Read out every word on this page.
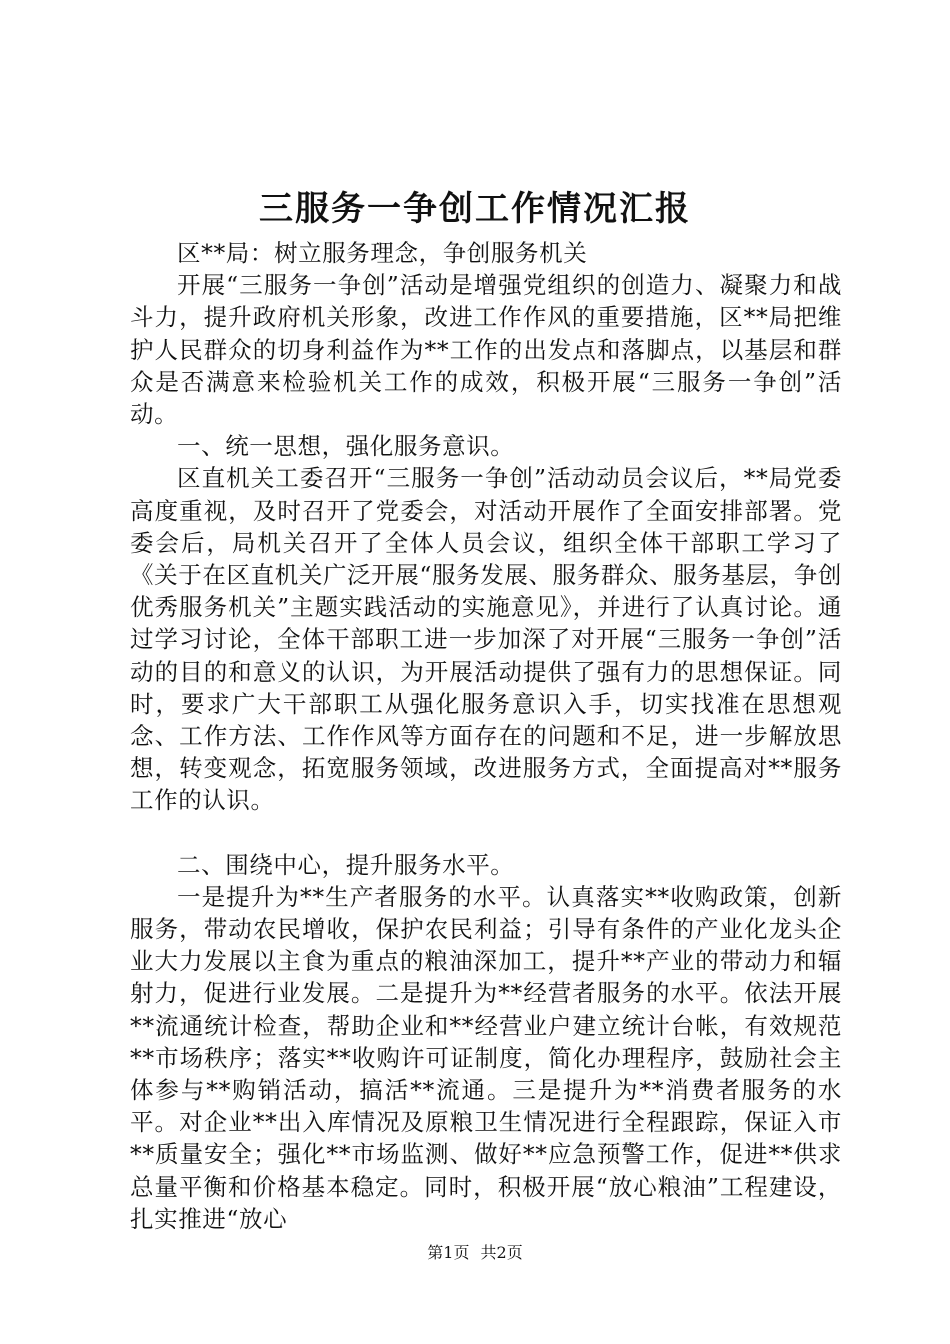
三服务一争创工作情况汇报

区**局：树立服务理念，争创服务机关

开展“三服务一争创”活动是增强党组织的创造力、凝聚力和战斗力，提升政府机关形象，改进工作作风的重要措施，区**局把维护人民群众的切身利益作为**工作的出发点和落脚点，以基层和群众是否满意来检验机关工作的成效，积极开展“三服务一争创”活动。

一、统一思想，强化服务意识。

区直机关工委召开“三服务一争创”活动动员会议后，**局党委高度重视，及时召开了党委会，对活动开展作了全面安排部署。党委会后，局机关召开了全体人员会议，组织全体干部职工学习了《关于在区直机关广泛开展“服务发展、服务群众、服务基层，争创优秀服务机关”主题实践活动的实施意见》，并进行了认真讨论。通过学习讨论，全体干部职工进一步加深了对开展“三服务一争创”活动的目的和意义的认识，为开展活动提供了强有力的思想保证。同时，要求广大干部职工从强化服务意识入手，切实找准在思想观念、工作方法、工作作风等方面存在的问题和不足，进一步解放思想，转变观念，拓宽服务领域，改进服务方式，全面提高对**服务工作的认识。

二、围绕中心，提升服务水平。

一是提升为**生产者服务的水平。认真落实**收购政策，创新服务，带动农民增收，保护农民利益；引导有条件的产业化龙头企业大力发展以主食为重点的粮油深加工，提升**产业的带动力和辐射力，促进行业发展。二是提升为**经营者服务的水平。依法开展**流通统计检查，帮助企业和**经营业户建立统计台帐，有效规范**市场秩序；落实**收购许可证制度，简化办理程序，鼓励社会主体参与**购销活动，搞活**流通。三是提升为**消费者服务的水平。对企业**出入库情况及原粮卫生情况进行全程跟踪，保证入市**质量安全；强化**市场监测、做好**应急预警工作，促进**供求总量平衡和价格基本稳定。同时，积极开展“放心粮油”工程建设，扎实推进“放心

第1页 共2页
